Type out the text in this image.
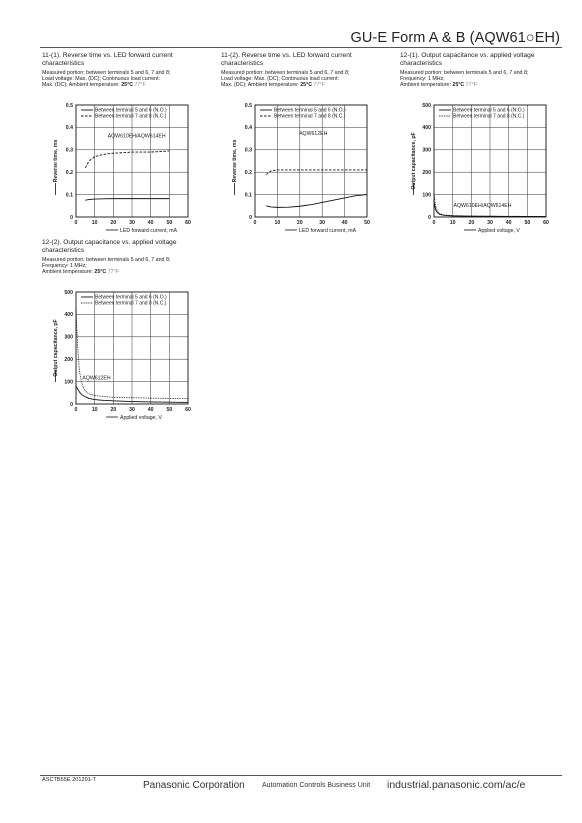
GU-E Form A & B (AQW61○EH)
11-(1). Reverse time vs. LED forward current characteristics
Measured portion: between terminals 5 and 6, 7 and 8;
Load voltage: Max. (DC); Continuous load current:
Max. (DC); Ambient temperature: 25°C 77°F
0	10 20 30 40 50 60
0
0.1
0.2
0.3
0.4
0.5
LED forward current, mA
Reverse time, ms
Between terminal 5 and 6 (N.O.)
Between terminal 7 and 8 (N.C.)
AQW610EH/AQW614EH
11-(2). Reverse time vs. LED forward current characteristics
Measured portion: between terminals 5 and 6, 7 and 8;
Load voltage: Max. (DC); Continuous load current:
Max. (DC); Ambient temperature: 25°C 77°F
0	10	20	30	40	50
0
0.1
0.2
0.3
0.4
0.5
LED forward current, mA
Reverse time, ms
Between terminal 5 and 6 (N.O.)
Between terminal 7 and 8 (N.C.)
AQW612EH
12-(1). Output capacitance vs. applied voltage characteristics
Measured portion: between terminals 5 and 6, 7 and 8;
Frequency: 1 MHz;
Ambient temperature: 25°C 77°F
0	10 20 30 40 50 60
0
100
200
300
400
500
Applied voltage, V
Output capacitance, pF
Between terminal 5 and 6 (N.O.)
Between terminal 7 and 8 (N.C.)
AQW610EH/AQW614EH
12-(2). Output capacitance vs. applied voltage characteristics
Measured portion: between terminals 5 and 6, 7 and 8;
Frequency: 1 MHz;
Ambient temperature: 25°C 77°F
0	10 20 30 40 50 60
0
100
200
300
400
500
Applied voltage, V
Output capacitance, pF
Between terminal 5 and 6 (N.O.)
Between terminal 7 and 8 (N.C.)
AQW612EH
ASCTB55E 201201-T	Panasonic Corporation Automation Controls Business Unit industrial.panasonic.com/ac/e
